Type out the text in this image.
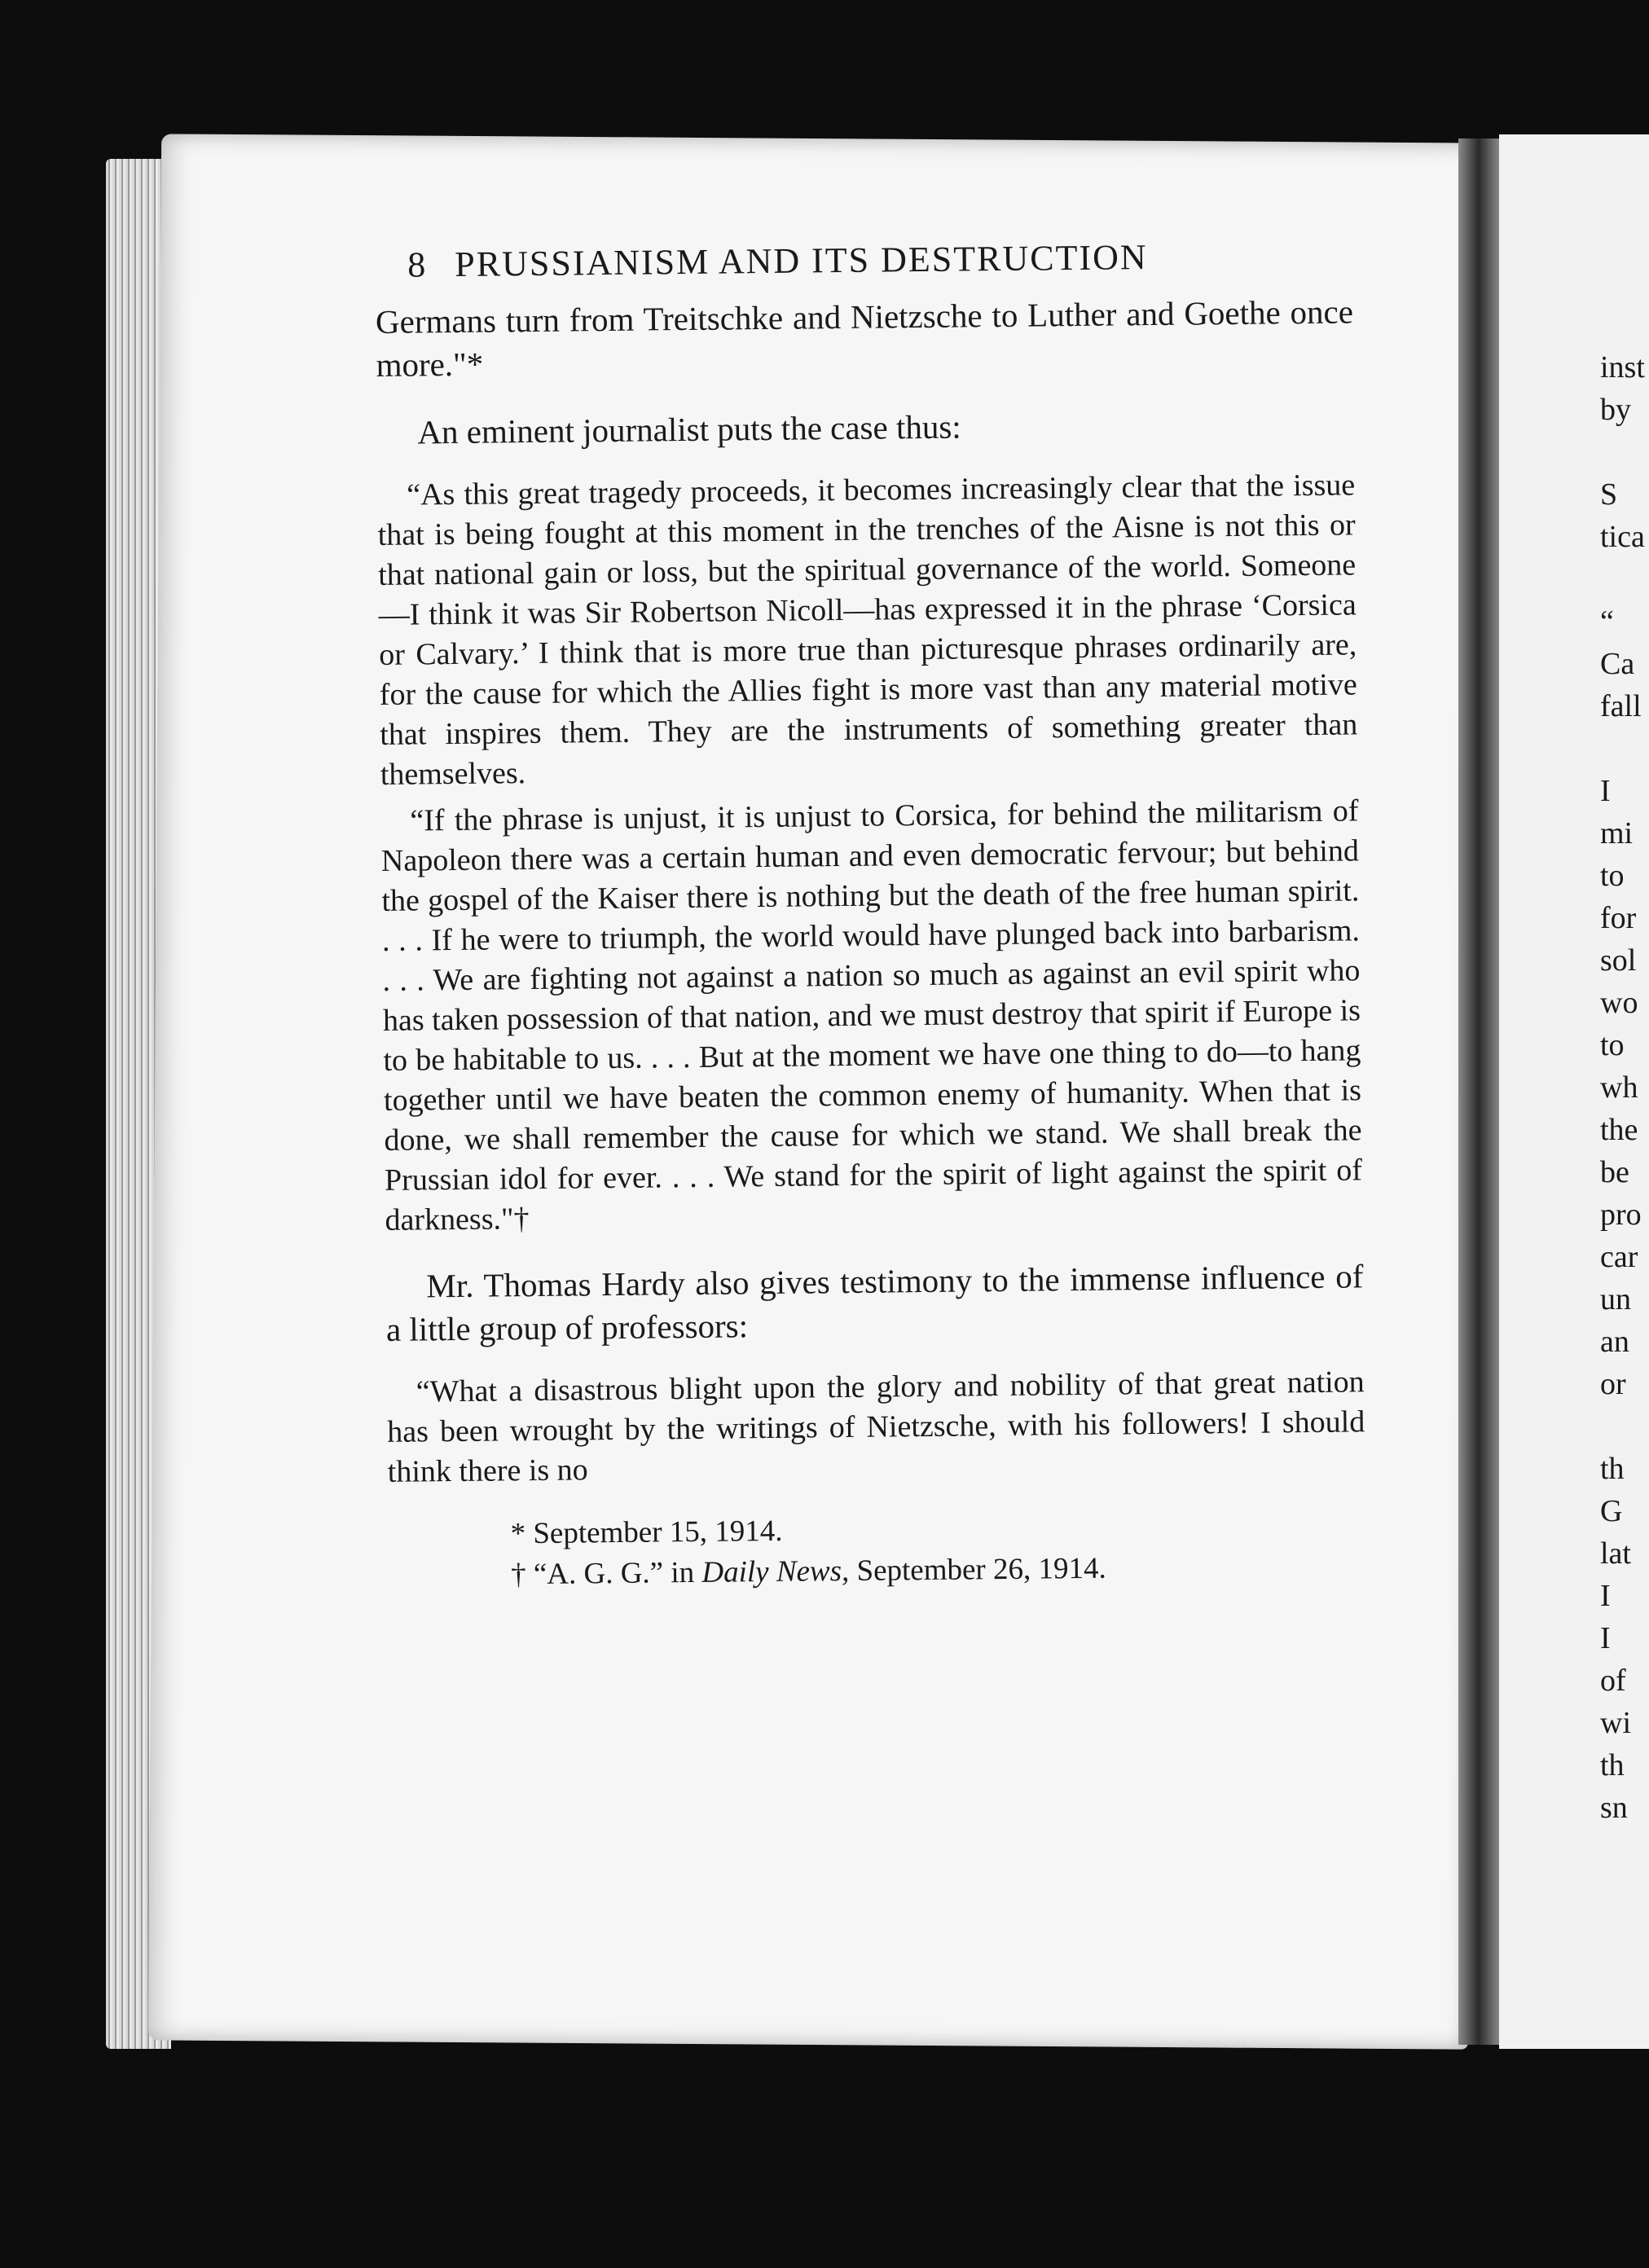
8 PRUSSIANISM AND ITS DESTRUCTION

Germans turn from Treitschke and Nietzsche to Luther and Goethe once more."*

An eminent journalist puts the case thus:

“As this great tragedy proceeds, it becomes increasingly clear that the issue that is being fought at this moment in the trenches of the Aisne is not this or that national gain or loss, but the spiritual governance of the world. Someone—I think it was Sir Robertson Nicoll—has expressed it in the phrase ‘Corsica or Calvary.’ I think that is more true than picturesque phrases ordinarily are, for the cause for which the Allies fight is more vast than any material motive that inspires them. They are the instruments of something greater than themselves.

“If the phrase is unjust, it is unjust to Corsica, for behind the militarism of Napoleon there was a certain human and even democratic fervour; but behind the gospel of the Kaiser there is nothing but the death of the free human spirit. . . . If he were to triumph, the world would have plunged back into barbarism. . . . We are fighting not against a nation so much as against an evil spirit who has taken possession of that nation, and we must destroy that spirit if Europe is to be habitable to us. . . . But at the moment we have one thing to do—to hang together until we have beaten the common enemy of humanity. When that is done, we shall remember the cause for which we stand. We shall break the Prussian idol for ever. . . . We stand for the spirit of light against the spirit of darkness."†

Mr. Thomas Hardy also gives testimony to the immense influence of a little group of professors:

“What a disastrous blight upon the glory and nobility of that great nation has been wrought by the writings of Nietzsche, with his followers! I should think there is no

* September 15, 1914.

† “A. G. G.” in Daily News, September 26, 1914.

inst
by
S
tica
“
Ca
fall
I
mi
to
for
sol
wo
to
wh
the
be
pro
car
un
an
or
th
G
lat
I
I
of
wi
th
sn
